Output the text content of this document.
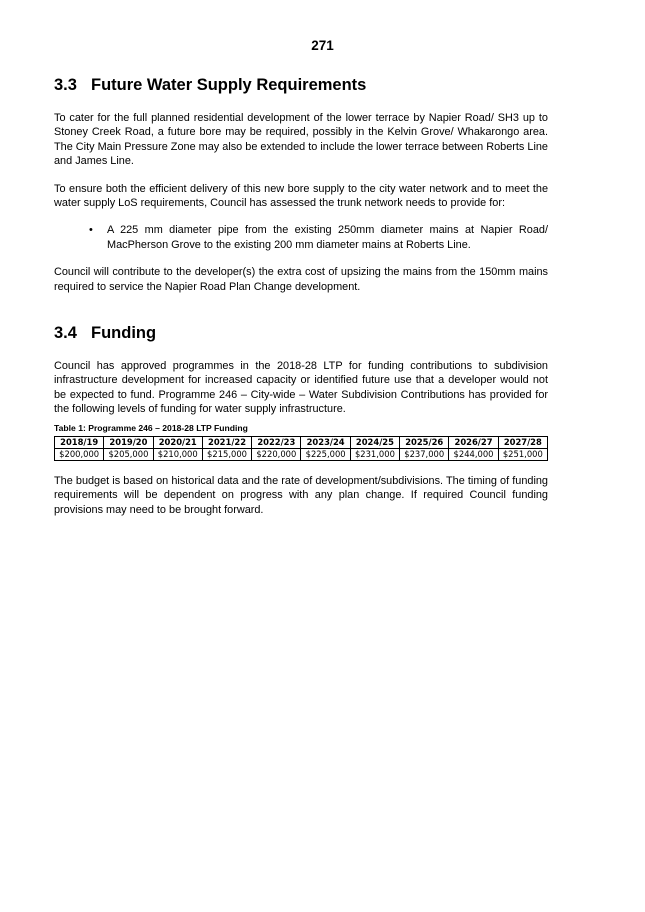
271
3.3 Future Water Supply Requirements

To cater for the full planned residential development of the lower terrace by Napier Road/ SH3 up to Stoney Creek Road, a future bore may be required, possibly in the Kelvin Grove/ Whakarongo area. The City Main Pressure Zone may also be extended to include the lower terrace between Roberts Line and James Line.

To ensure both the efficient delivery of this new bore supply to the city water network and to meet the water supply LoS requirements, Council has assessed the trunk network needs to provide for:

• A 225 mm diameter pipe from the existing 250mm diameter mains at Napier Road/ MacPherson Grove to the existing 200 mm diameter mains at Roberts Line.

Council will contribute to the developer(s) the extra cost of upsizing the mains from the 150mm mains required to service the Napier Road Plan Change development.

3.4 Funding

Council has approved programmes in the 2018-28 LTP for funding contributions to subdivision infrastructure development for increased capacity or identified future use that a developer would not be expected to fund. Programme 246 – City-wide – Water Subdivision Contributions has provided for the following levels of funding for water supply infrastructure.

Table 1: Programme 246 – 2018-28 LTP Funding
2018/19	2019/20	2020/21	2021/22	2022/23	2023/24	2024/25	2025/26	2026/27	2027/28
$200,000	$205,000	$210,000	$215,000	$220,000	$225,000	$231,000	$237,000	$244,000	$251,000

The budget is based on historical data and the rate of development/subdivisions. The timing of funding requirements will be dependent on progress with any plan change. If required Council funding provisions may need to be brought forward.
